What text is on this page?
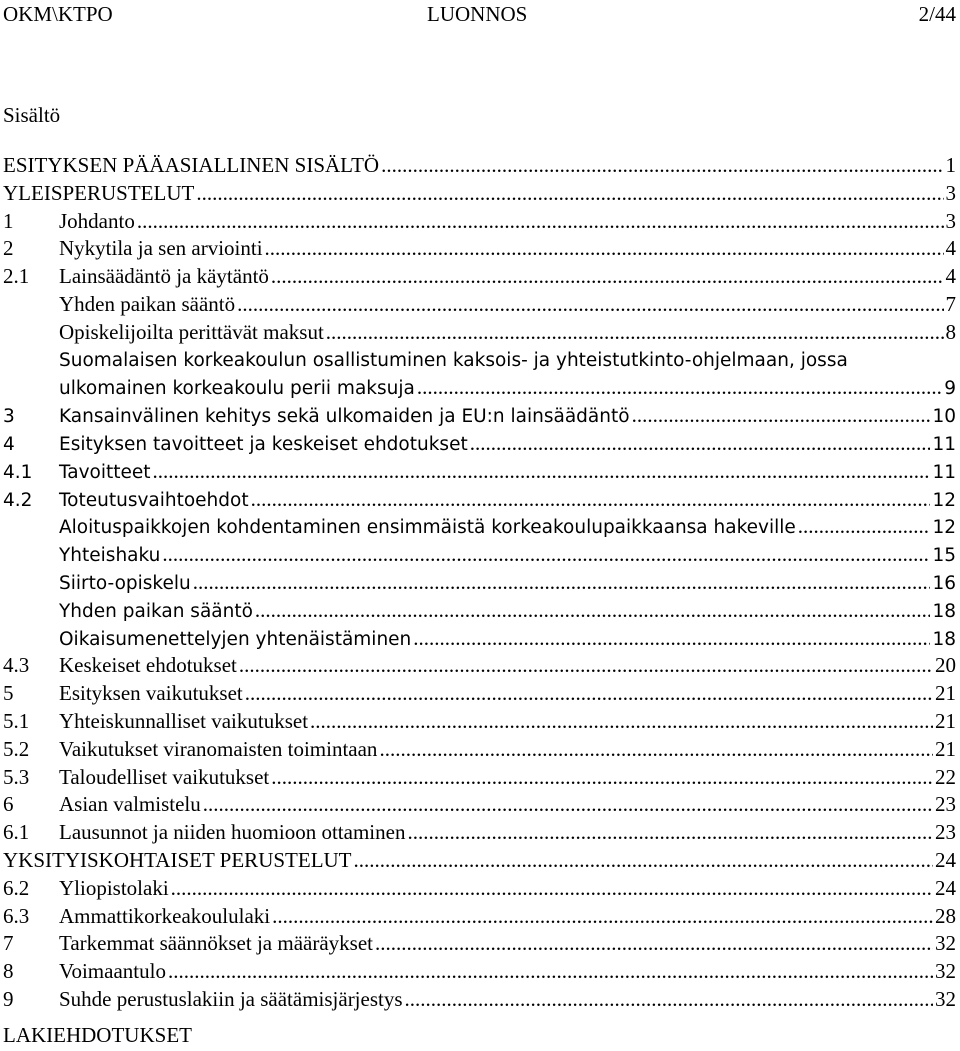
OKM\KTPO	LUONNOS	2/44
Sisältö
ESITYKSEN PÄÄASIALLINEN SISÄLTÖ .....	1
YLEISPERUSTELUT .....	3
1	Johdanto .....	3
2	Nykytila ja sen arviointi .....	4
2.1	Lainsäädäntö ja käytäntö .....	4
Yhden paikan sääntö .....	7
Opiskelijoilta perittävät maksut .....	8
Suomalaisen korkeakoulun osallistuminen kaksois- ja yhteistutkinto-ohjelmaan, jossa
ulkomainen korkeakoulu perii maksuja .....	9
3	Kansainvälinen kehitys sekä ulkomaiden ja EU:n lainsäädäntö .....	10
4	Esityksen tavoitteet ja keskeiset ehdotukset .....	11
4.1	Tavoitteet .....	11
4.2	Toteutusvaihtoehdot .....	12
Aloituspaikkojen kohdentaminen ensimmäistä korkeakoulupaikkaansa hakeville .....	12
Yhteishaku .....	15
Siirto-opiskelu .....	16
Yhden paikan sääntö .....	18
Oikaisumenettelyjen yhtenäistäminen .....	18
4.3	Keskeiset ehdotukset .....	20
5	Esityksen vaikutukset .....	21
5.1	Yhteiskunnalliset vaikutukset .....	21
5.2	Vaikutukset viranomaisten toimintaan .....	21
5.3	Taloudelliset vaikutukset .....	22
6	Asian valmistelu .....	23
6.1	Lausunnot ja niiden huomioon ottaminen .....	23
YKSITYISKOHTAISET PERUSTELUT .....	24
6.2	Yliopistolaki .....	24
6.3	Ammattikorkeakoululaki .....	28
7	Tarkemmat säännökset ja määräykset .....	32
8	Voimaantulo .....	32
9	Suhde perustuslakiin ja säätämisjärjestys .....	32
LAKIEHDOTUKSET
